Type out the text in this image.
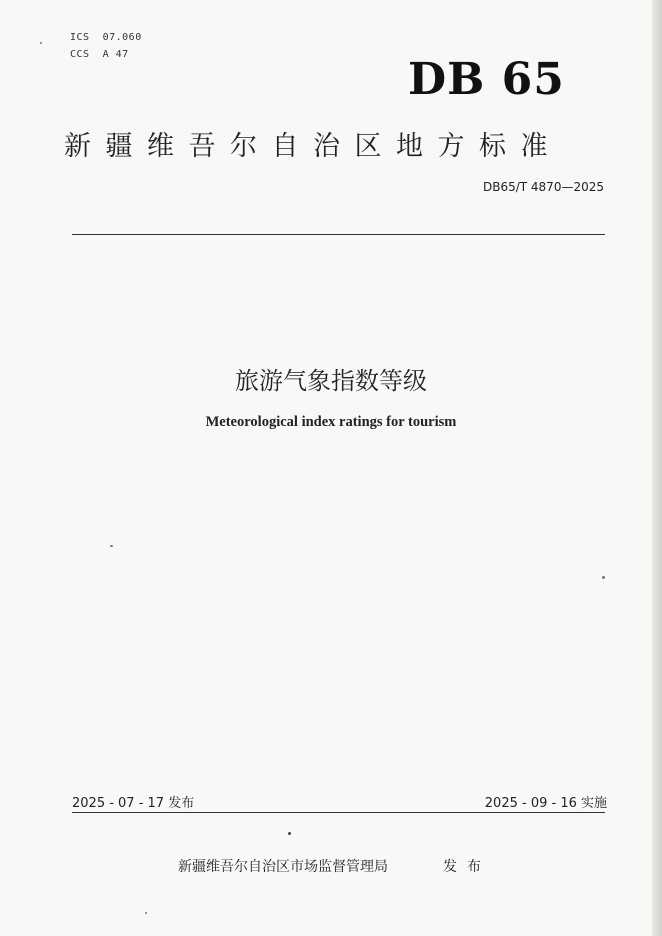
ICS  07.060
CCS  A 47	DB 65
新疆维吾尔自治区地方标准
DB65/T 4870—2025
旅游气象指数等级
Meteorological index ratings for tourism
2025 - 07 - 17 发布	2025 - 09 - 16 实施
新疆维吾尔自治区市场监督管理局	发布
